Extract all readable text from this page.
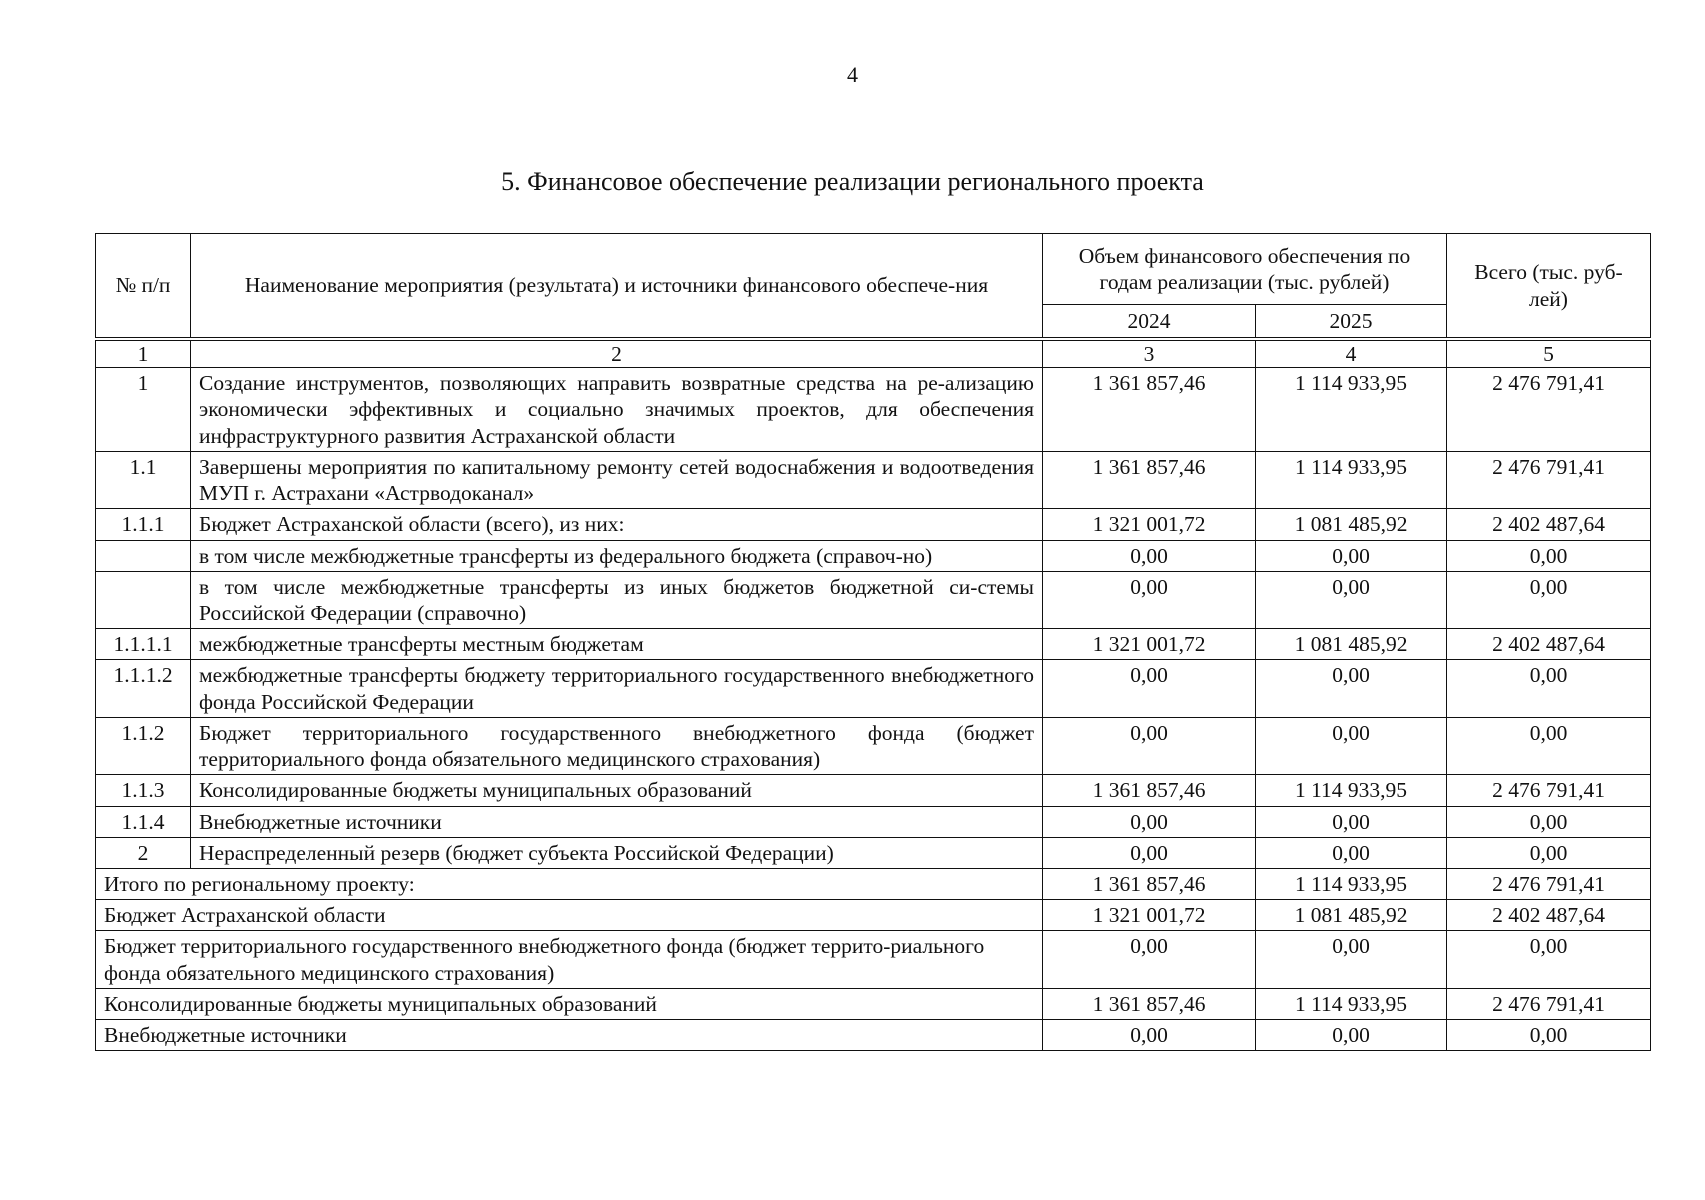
4
5. Финансовое обеспечение реализации регионального проекта
№ п/п	Наименование мероприятия (результата) и источники финансового обеспече-ния	Объем финансового обеспечения по годам реализации (тыс. рублей)		Всего (тыс. руб-лей)
		2024	2025	
1	2	3	4	5
1	Создание инструментов, позволяющих направить возвратные средства на ре-ализацию экономически эффективных и социально значимых проектов, для обеспечения инфраструктурного развития Астраханской области	1 361 857,46	1 114 933,95	2 476 791,41
1.1	Завершены мероприятия по капитальному ремонту сетей водоснабжения и водоотведения МУП г. Астрахани «Астрводоканал»	1 361 857,46	1 114 933,95	2 476 791,41
1.1.1	Бюджет Астраханской области (всего), из них:	1 321 001,72	1 081 485,92	2 402 487,64
	в том числе межбюджетные трансферты из федерального бюджета (справоч-но)	0,00	0,00	0,00
	в том числе межбюджетные трансферты из иных бюджетов бюджетной си-стемы Российской Федерации (справочно)	0,00	0,00	0,00
1.1.1.1	межбюджетные трансферты местным бюджетам	1 321 001,72	1 081 485,92	2 402 487,64
1.1.1.2	межбюджетные трансферты бюджету территориального государственного внебюджетного фонда Российской Федерации	0,00	0,00	0,00
1.1.2	Бюджет территориального государственного внебюджетного фонда (бюджет территориального фонда обязательного медицинского страхования)	0,00	0,00	0,00
1.1.3	Консолидированные бюджеты муниципальных образований	1 361 857,46	1 114 933,95	2 476 791,41
1.1.4	Внебюджетные источники	0,00	0,00	0,00
2	Нераспределенный резерв (бюджет субъекта Российской Федерации)	0,00	0,00	0,00
Итого по региональному проекту:		1 361 857,46	1 114 933,95	2 476 791,41
Бюджет Астраханской области		1 321 001,72	1 081 485,92	2 402 487,64
Бюджет территориального государственного внебюджетного фонда (бюджет террито-риального фонда обязательного медицинского страхования)		0,00	0,00	0,00
Консолидированные бюджеты муниципальных образований		1 361 857,46	1 114 933,95	2 476 791,41
Внебюджетные источники		0,00	0,00	0,00
